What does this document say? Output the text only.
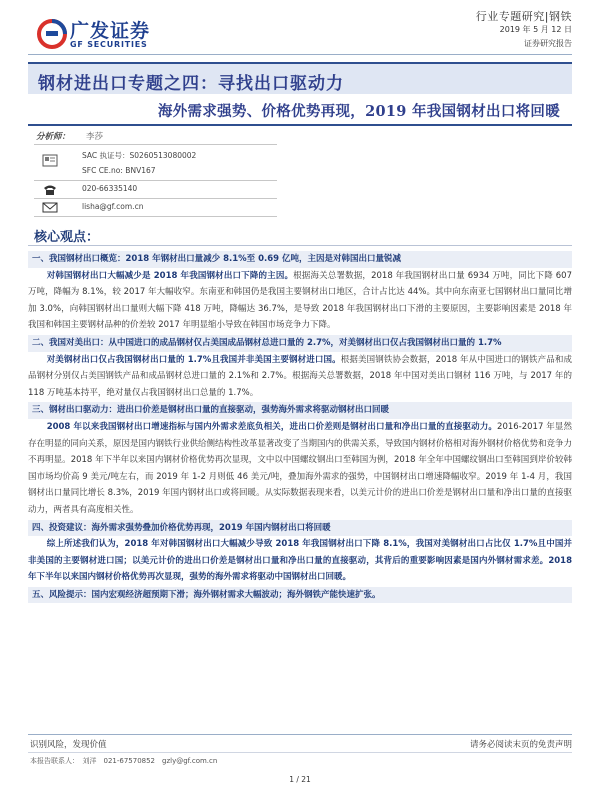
广发证券
GF SECURITIES
行业专题研究|钢铁
2019 年 5 月 12 日
证券研究报告
钢材进出口专题之四：寻找出口驱动力
海外需求强势、价格优势再现，2019 年我国钢材出口将回暖
分析师： 李莎
SAC 执证号：S0260513080002
SFC CE.no: BNV167
020-66335140
lisha@gf.com.cn
核心观点：

一、我国钢材出口概览：2018 年钢材出口量减少 8.1%至 0.69 亿吨，主因是对韩国出口量锐减

对韩国钢材出口大幅减少是 2018 年我国钢材出口下降的主因。根据海关总署数据，2018 年我国钢材出口量 6934 万吨，同比下降 607 万吨，降幅为 8.1%，较 2017 年大幅收窄。东南亚和韩国仍是我国主要钢材出口地区，合计占比达 44%。其中向东南亚七国钢材出口量同比增加 3.0%，向韩国钢材出口量则大幅下降 418 万吨，降幅达 36.7%，是导致 2018 年我国钢材出口下滑的主要原因，主要影响因素是 2018 年我国和韩国主要钢材品种的价差较 2017 年明显缩小导致在韩国市场竞争力下降。

二、我国对美出口：从中国进口的成品钢材仅占美国成品钢材总进口量的 2.7%，对美钢材出口仅占我国钢材出口量的 1.7%

对美钢材出口仅占我国钢材出口量的 1.7%且我国并非美国主要钢材进口国。根据美国钢铁协会数据，2018 年从中国进口的钢铁产品和成品钢材分别仅占美国钢铁产品和成品钢材总进口量的 2.1%和 2.7%。根据海关总署数据，2018 年中国对美出口钢材 116 万吨，与 2017 年的 118 万吨基本持平，绝对量仅占我国钢材出口总量的 1.7%。

三、钢材出口驱动力：进出口价差是钢材出口量的直接驱动，强势海外需求将驱动钢材出口回暖

2008 年以来我国钢材出口增速指标与国内外需求差底负相关，进出口价差则是钢材出口量和净出口量的直接驱动力。2016-2017 年显然存在明显的同向关系，原因是国内钢铁行业供给侧结构性改革显著改变了当期国内的供需关系，导致国内钢材价格相对海外钢材价格优势和竞争力不再明显。2018 年下半年以来国内钢材价格优势再次显现，文中以中国螺纹钢出口至韩国为例，2018 年全年中国螺纹钢出口至韩国到岸价较韩国市场均价高 9 美元/吨左右，而 2019 年 1-2 月则低 46 美元/吨，叠加海外需求的强势，中国钢材出口增速降幅收窄。2019 年 1-4 月，我国钢材出口量同比增长 8.3%，2019 年国内钢材出口或将回暖。从实际数据表现来看，以美元计价的进出口价差是钢材出口量和净出口量的直接驱动力，两者具有高度相关性。

四、投资建议：海外需求强势叠加价格优势再现，2019 年国内钢材出口将回暖

综上所述我们认为，2018 年对韩国钢材出口大幅减少导致 2018 年我国钢材出口下降 8.1%，我国对美钢材出口占比仅 1.7%且中国并非美国的主要钢材进口国；以美元计价的进出口价差是钢材出口量和净出口量的直接驱动，其背后的重要影响因素是国内外钢材需求差。2018 年下半年以来国内钢材价格优势再次显现，强势的海外需求将驱动中国钢材出口回暖。

五、风险提示：国内宏观经济超预期下滑；海外钢材需求大幅波动；海外钢铁产能快速扩张。

识别风险，发现价值	请务必阅读末页的免责声明
本报告联系人：　刘洋　021-67570852　gzly@gf.com.cn
1 / 21
